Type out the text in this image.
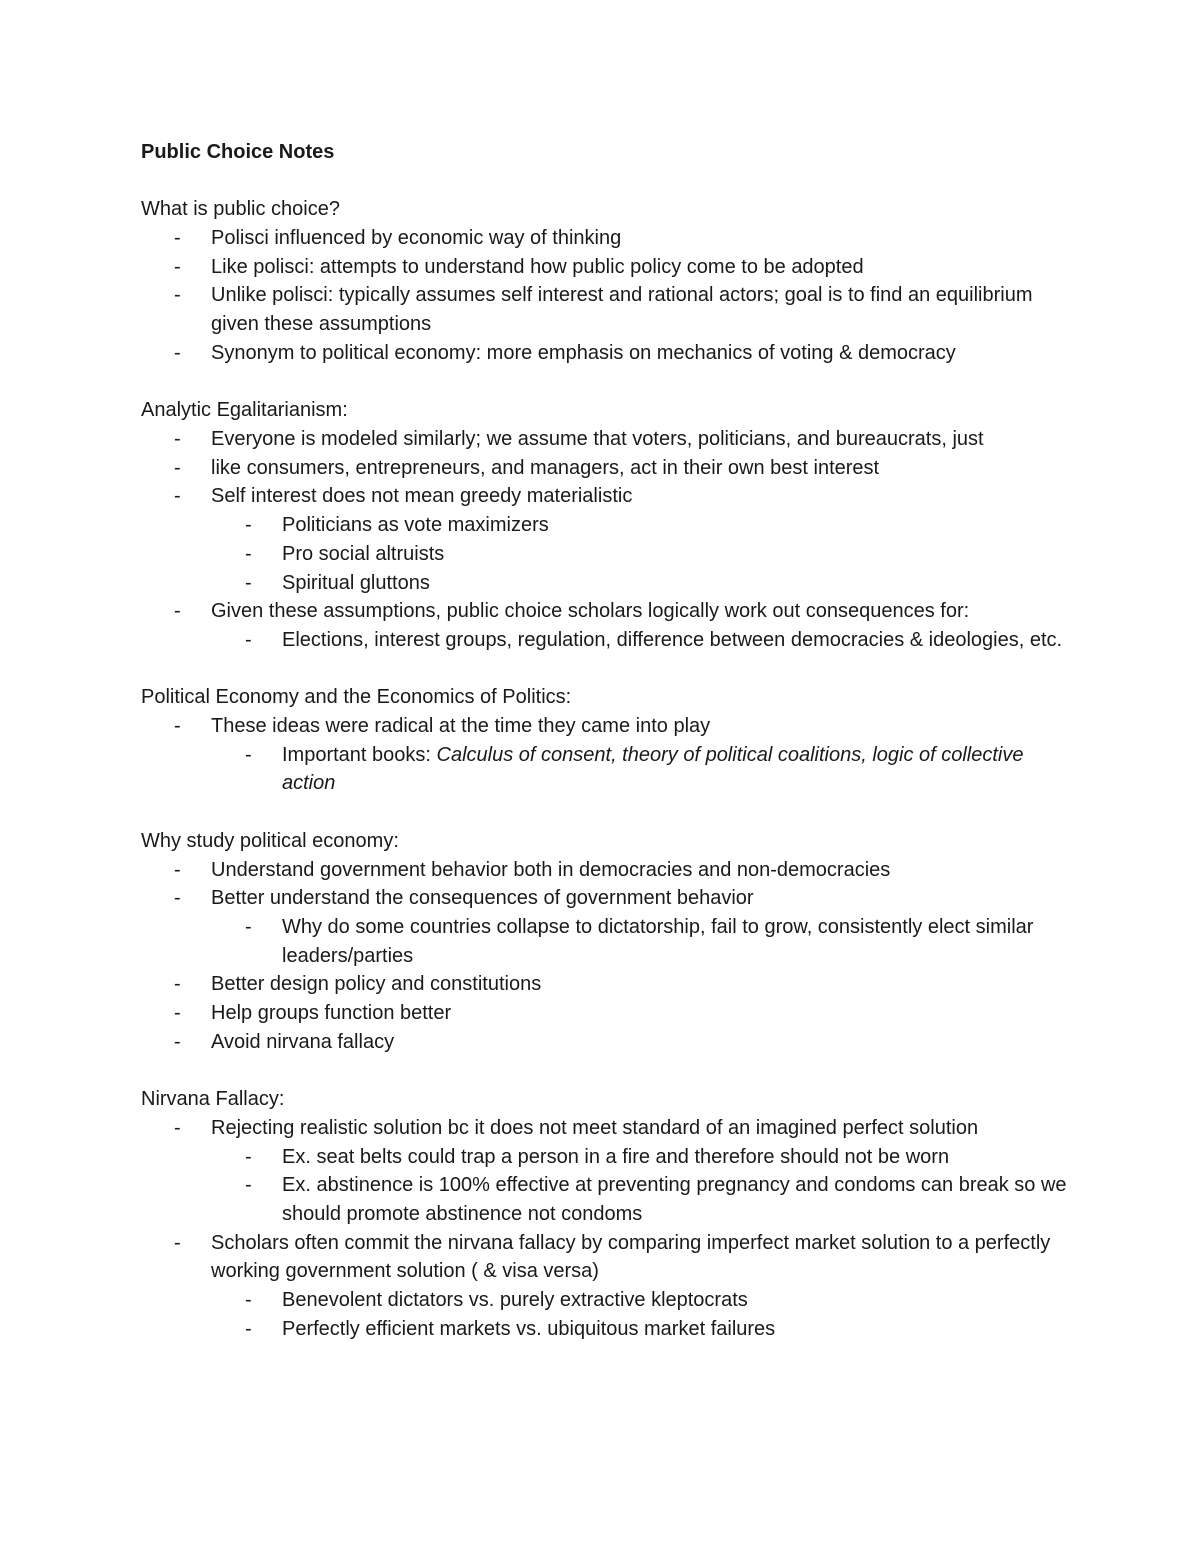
Public Choice Notes
What is public choice?
- Polisci influenced by economic way of thinking
- Like polisci: attempts to understand how public policy come to be adopted
- Unlike polisci: typically assumes self interest and rational actors; goal is to find an equilibrium given these assumptions
- Synonym to political economy: more emphasis on mechanics of voting & democracy
Analytic Egalitarianism:
- Everyone is modeled similarly; we assume that voters, politicians, and bureaucrats, just
- like consumers, entrepreneurs, and managers, act in their own best interest
- Self interest does not mean greedy materialistic
- Politicians as vote maximizers
- Pro social altruists
- Spiritual gluttons
- Given these assumptions, public choice scholars logically work out consequences for:
- Elections, interest groups, regulation, difference between democracies & ideologies, etc.
Political Economy and the Economics of Politics:
- These ideas were radical at the time they came into play
- Important books: Calculus of consent, theory of political coalitions, logic of collective action
Why study political economy:
- Understand government behavior both in democracies and non-democracies
- Better understand the consequences of government behavior
- Why do some countries collapse to dictatorship, fail to grow, consistently elect similar leaders/parties
- Better design policy and constitutions
- Help groups function better
- Avoid nirvana fallacy
Nirvana Fallacy:
- Rejecting realistic solution bc it does not meet standard of an imagined perfect solution
- Ex. seat belts could trap a person in a fire and therefore should not be worn
- Ex. abstinence is 100% effective at preventing pregnancy and condoms can break so we should promote abstinence not condoms
- Scholars often commit the nirvana fallacy by comparing imperfect market solution to a perfectly working government solution ( & visa versa)
- Benevolent dictators vs. purely extractive kleptocrats
- Perfectly efficient markets vs. ubiquitous market failures
